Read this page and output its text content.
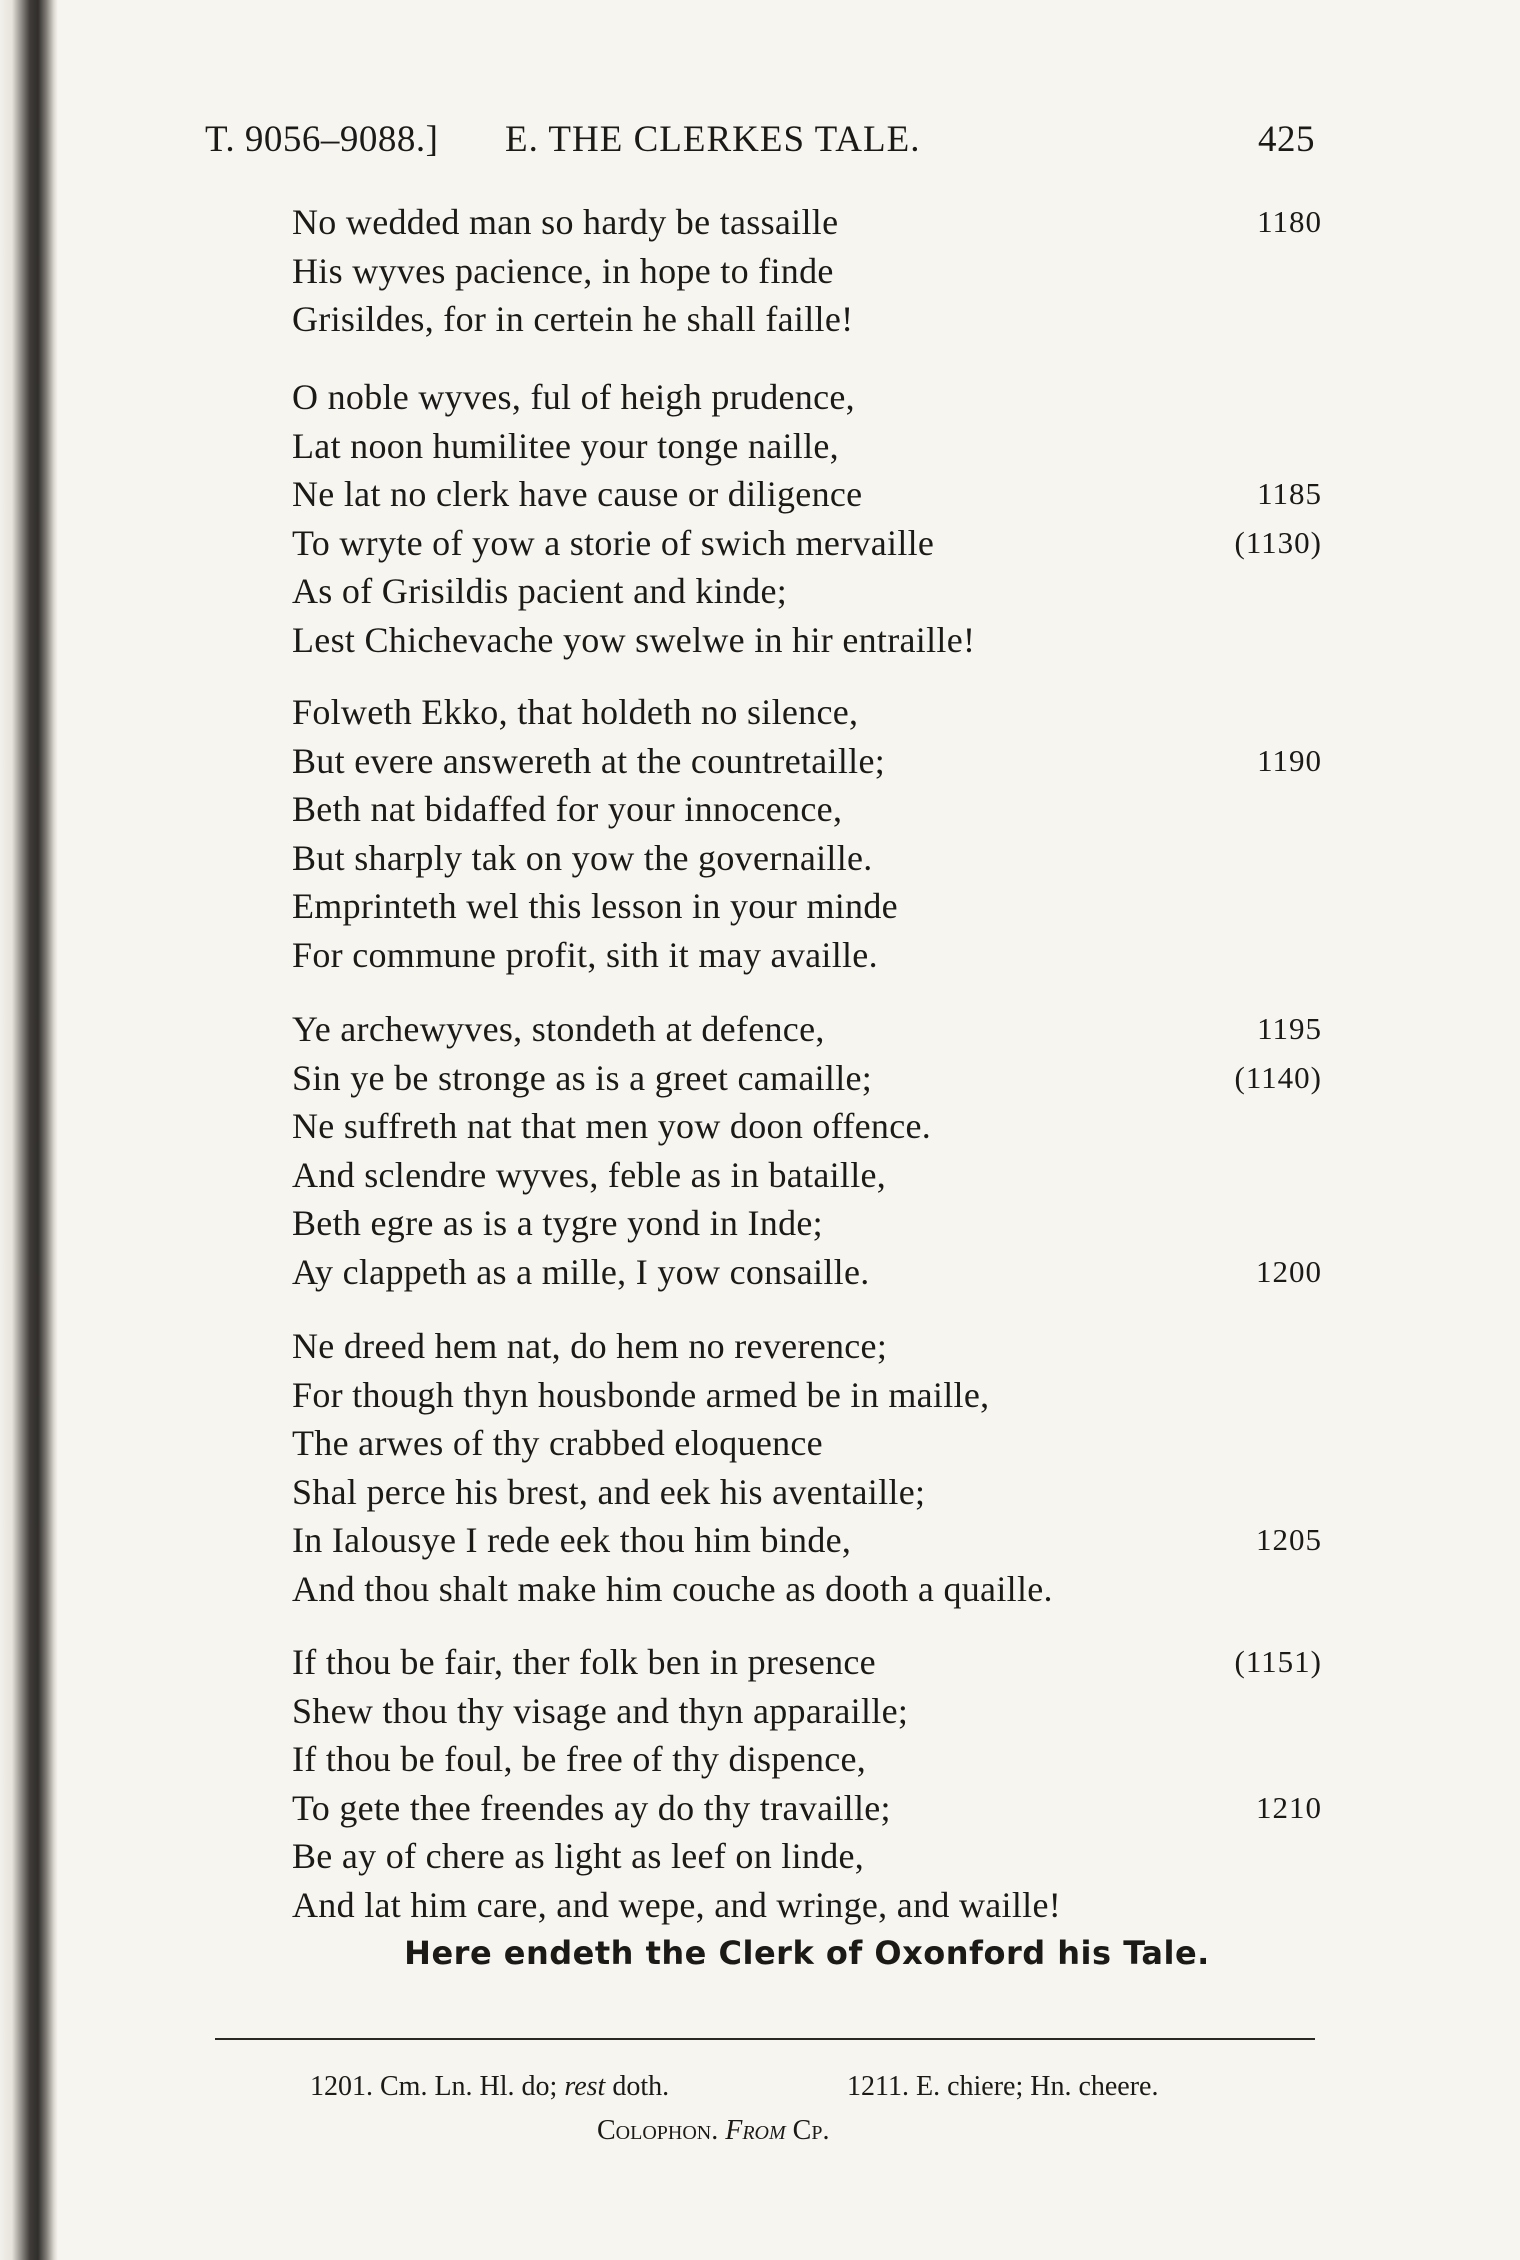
T. 9056–9088.] E. THE CLERKES TALE.	425
No wedded man so hardy be tassaille	1180
His wyves pacience, in hope to finde
Grisildes, for in certein he shall faille!
O noble wyves, ful of heigh prudence,
Lat noon humilitee your tonge naille,
Ne lat no clerk have cause or diligence	1185
To wryte of yow a storie of swich mervaille	(1130)
As of Grisildis pacient and kinde;
Lest Chichevache yow swelwe in hir entraille!
Folweth Ekko, that holdeth no silence,
But evere answereth at the countretaille;	1190
Beth nat bidaffed for your innocence,
But sharply tak on yow the governaille.
Emprinteth wel this lesson in your minde
For commune profit, sith it may availle.
Ye archewyves, stondeth at defence,	1195
Sin ye be stronge as is a greet camaille;	(1140)
Ne suffreth nat that men yow doon offence.
And sclendre wyves, feble as in bataille,
Beth egre as is a tygre yond in Inde;
Ay clappeth as a mille, I yow consaille.	1200
Ne dreed hem nat, do hem no reverence;
For though thyn housbonde armed be in maille,
The arwes of thy crabbed eloquence
Shal perce his brest, and eek his aventaille;
In Ialousye I rede eek thou him binde,	1205
And thou shalt make him couche as dooth a quaille.
If thou be fair, ther folk ben in presence	(1151)
Shew thou thy visage and thyn apparaille;
If thou be foul, be free of thy dispence,
To gete thee freendes ay do thy travaille;	1210
Be ay of chere as light as leef on linde,
And lat him care, and wepe, and wringe, and waille!
Here endeth the Clerk of Oxonford his Tale.
1201. Cm. Ln. Hl. do; rest doth.	1211. E. chiere; Hn. cheere.
Colophon. From Cp.
